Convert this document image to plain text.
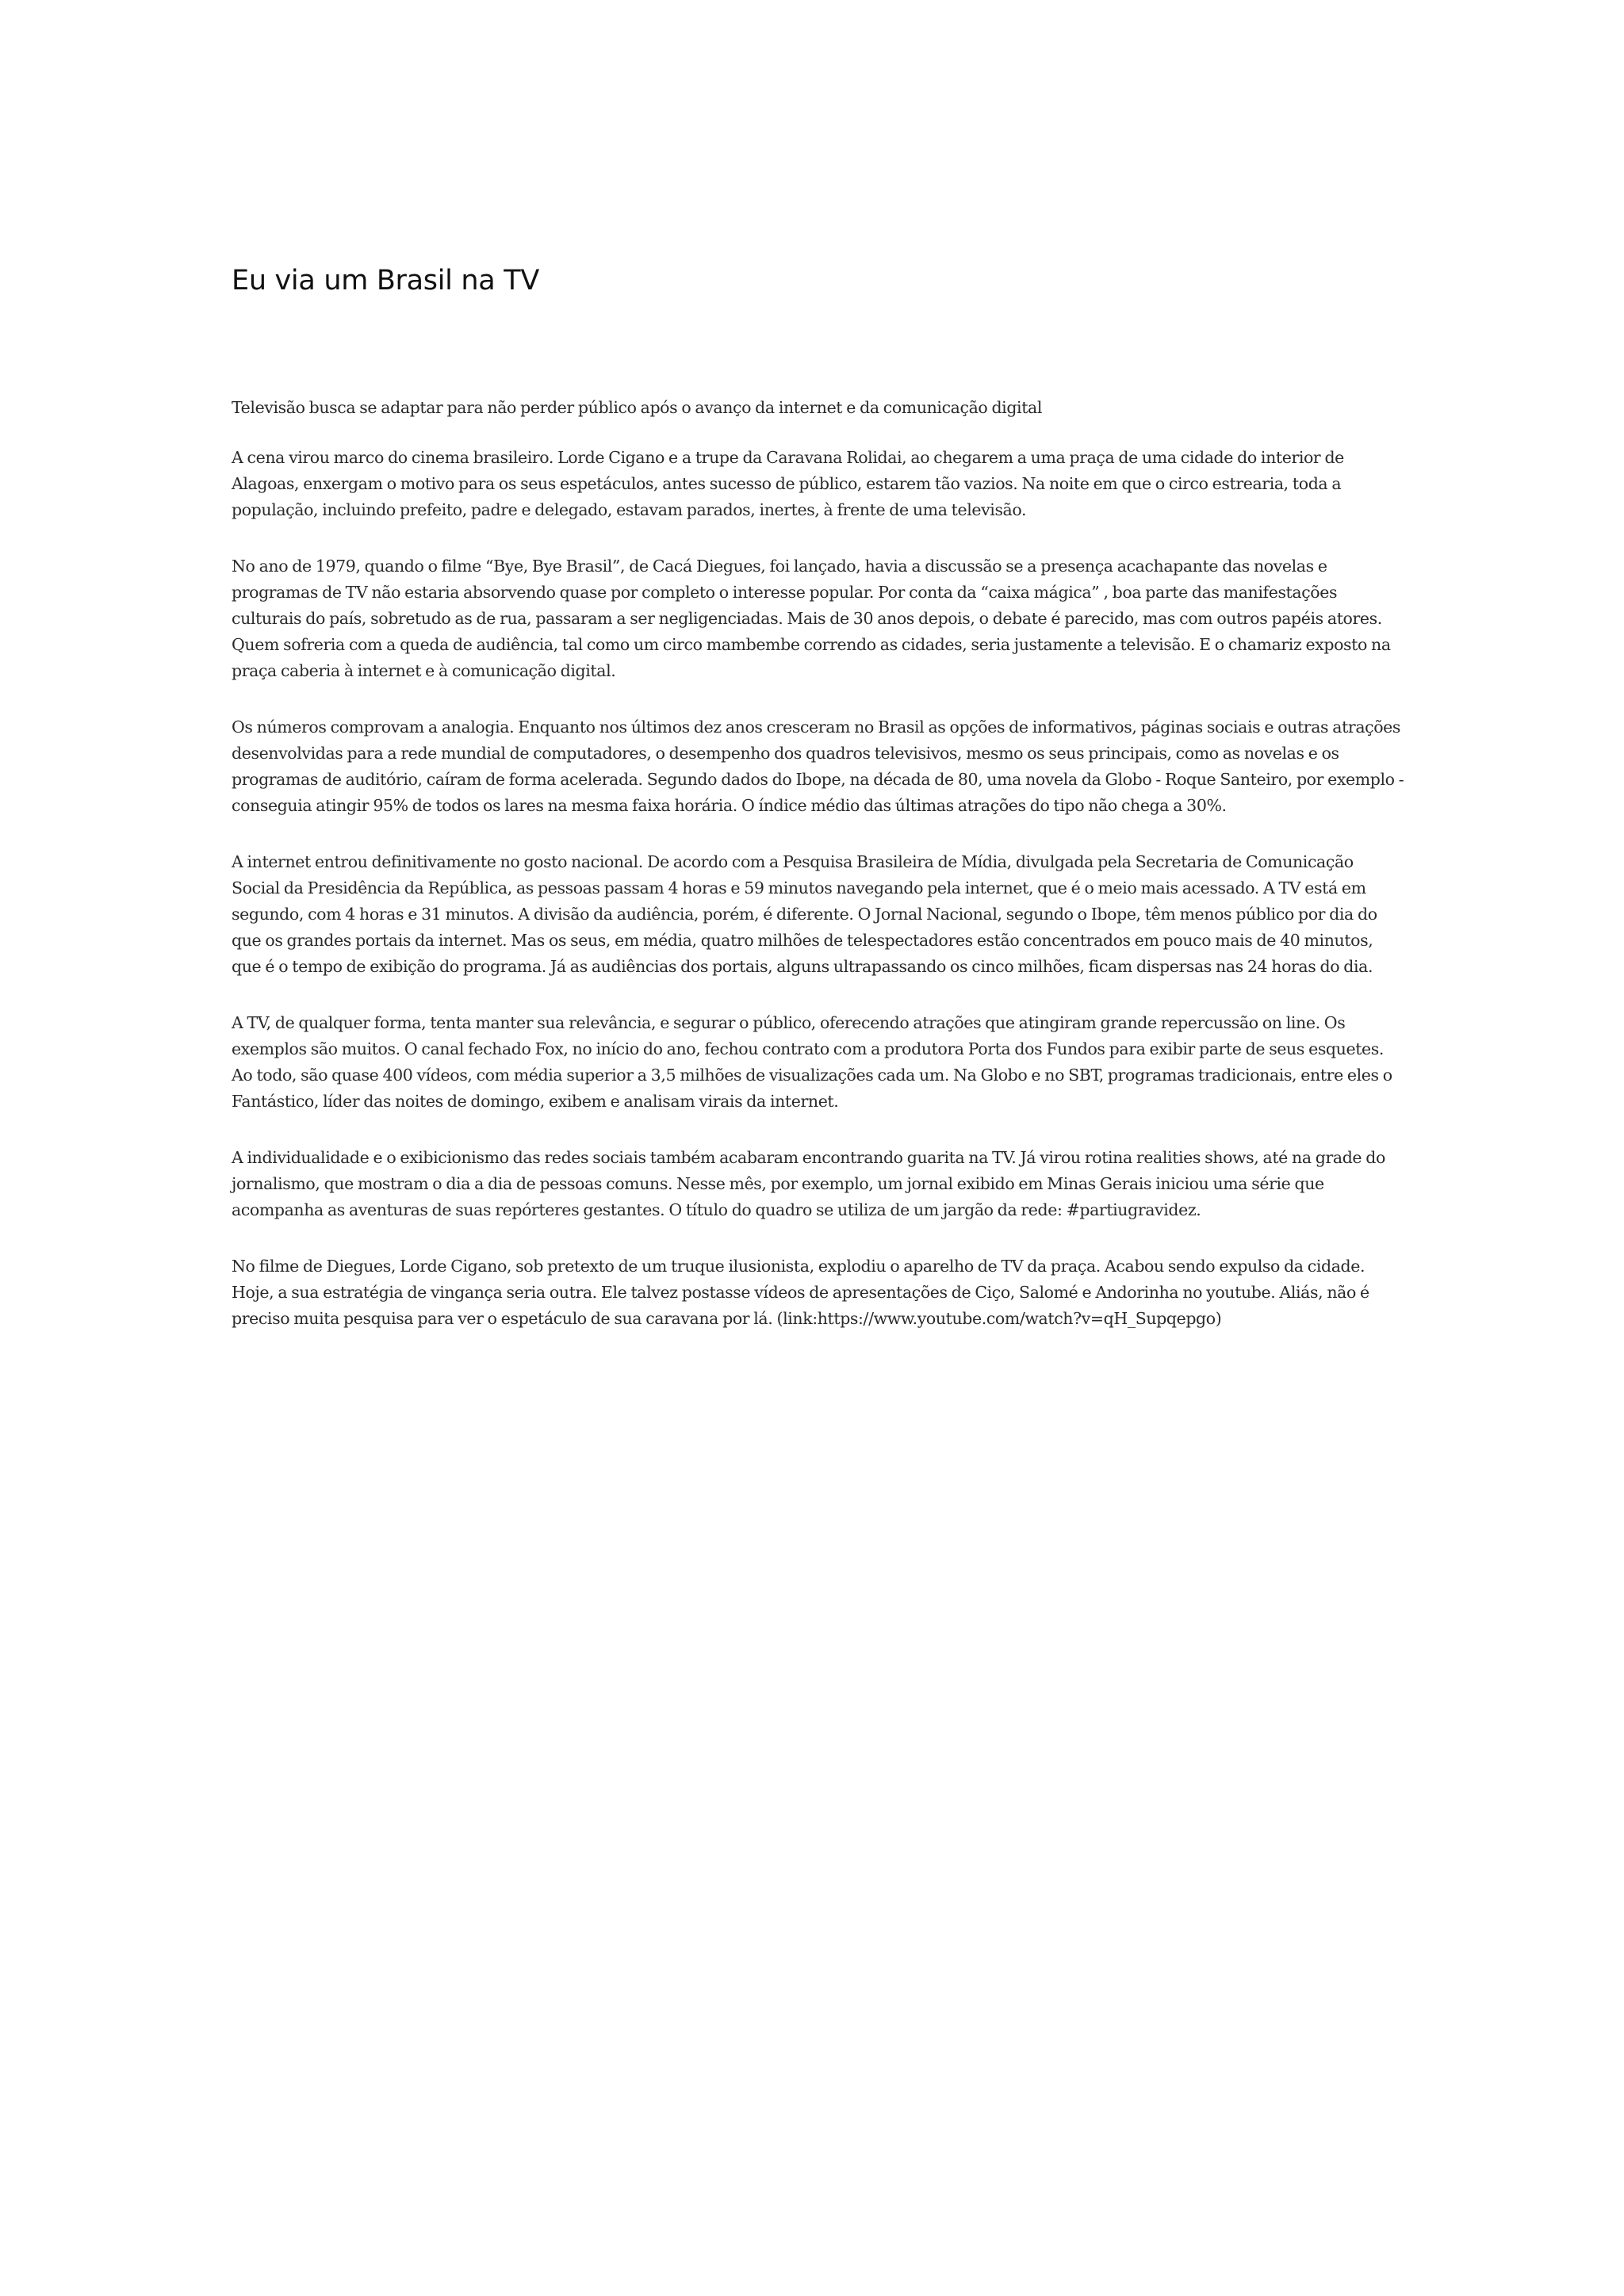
Eu via um Brasil na TV

Televisão busca se adaptar para não perder público após o avanço da internet e da comunicação digital

A cena virou marco do cinema brasileiro. Lorde Cigano e a trupe da Caravana Rolidai, ao chegarem a uma praça de uma cidade do interior de Alagoas, enxergam o motivo para os seus espetáculos, antes sucesso de público, estarem tão vazios. Na noite em que o circo estrearia, toda a população, incluindo prefeito, padre e delegado, estavam parados, inertes, à frente de uma televisão.

No ano de 1979, quando o filme “Bye, Bye Brasil”, de Cacá Diegues, foi lançado, havia a discussão se a presença acachapante das novelas e programas de TV não estaria absorvendo quase por completo o interesse popular. Por conta da “caixa mágica” , boa parte das manifestações culturais do país, sobretudo as de rua, passaram a ser negligenciadas. Mais de 30 anos depois, o debate é parecido, mas com outros papéis atores. Quem sofreria com a queda de audiência, tal como um circo mambembe correndo as cidades, seria justamente a televisão. E o chamariz exposto na praça caberia à internet e à comunicação digital.

Os números comprovam a analogia. Enquanto nos últimos dez anos cresceram no Brasil as opções de informativos, páginas sociais e outras atrações desenvolvidas para a rede mundial de computadores, o desempenho dos quadros televisivos, mesmo os seus principais, como as novelas e os programas de auditório, caíram de forma acelerada. Segundo dados do Ibope, na década de 80, uma novela da Globo - Roque Santeiro, por exemplo - conseguia atingir 95% de todos os lares na mesma faixa horária. O índice médio das últimas atrações do tipo não chega a 30%.

A internet entrou definitivamente no gosto nacional. De acordo com a Pesquisa Brasileira de Mídia, divulgada pela Secretaria de Comunicação Social da Presidência da República, as pessoas passam 4 horas e 59 minutos navegando pela internet, que é o meio mais acessado. A TV está em segundo, com 4 horas e 31 minutos. A divisão da audiência, porém, é diferente. O Jornal Nacional, segundo o Ibope, têm menos público por dia do que os grandes portais da internet. Mas os seus, em média, quatro milhões de telespectadores estão concentrados em pouco mais de 40 minutos, que é o tempo de exibição do programa. Já as audiências dos portais, alguns ultrapassando os cinco milhões, ficam dispersas nas 24 horas do dia.

A TV, de qualquer forma, tenta manter sua relevância, e segurar o público, oferecendo atrações que atingiram grande repercussão on line. Os exemplos são muitos. O canal fechado Fox, no início do ano, fechou contrato com a produtora Porta dos Fundos para exibir parte de seus esquetes. Ao todo, são quase 400 vídeos, com média superior a 3,5 milhões de visualizações cada um. Na Globo e no SBT, programas tradicionais, entre eles o Fantástico, líder das noites de domingo, exibem e analisam virais da internet.

A individualidade e o exibicionismo das redes sociais também acabaram encontrando guarita na TV. Já virou rotina realities shows, até na grade do jornalismo, que mostram o dia a dia de pessoas comuns. Nesse mês, por exemplo, um jornal exibido em Minas Gerais iniciou uma série que acompanha as aventuras de suas repórteres gestantes. O título do quadro se utiliza de um jargão da rede: #partiugravidez.

No filme de Diegues, Lorde Cigano, sob pretexto de um truque ilusionista, explodiu o aparelho de TV da praça. Acabou sendo expulso da cidade. Hoje, a sua estratégia de vingança seria outra. Ele talvez postasse vídeos de apresentações de Ciço, Salomé e Andorinha no youtube. Aliás, não é preciso muita pesquisa para ver o espetáculo de sua caravana por lá. (link:https://www.youtube.com/watch?v=qH_Supqepgo)
